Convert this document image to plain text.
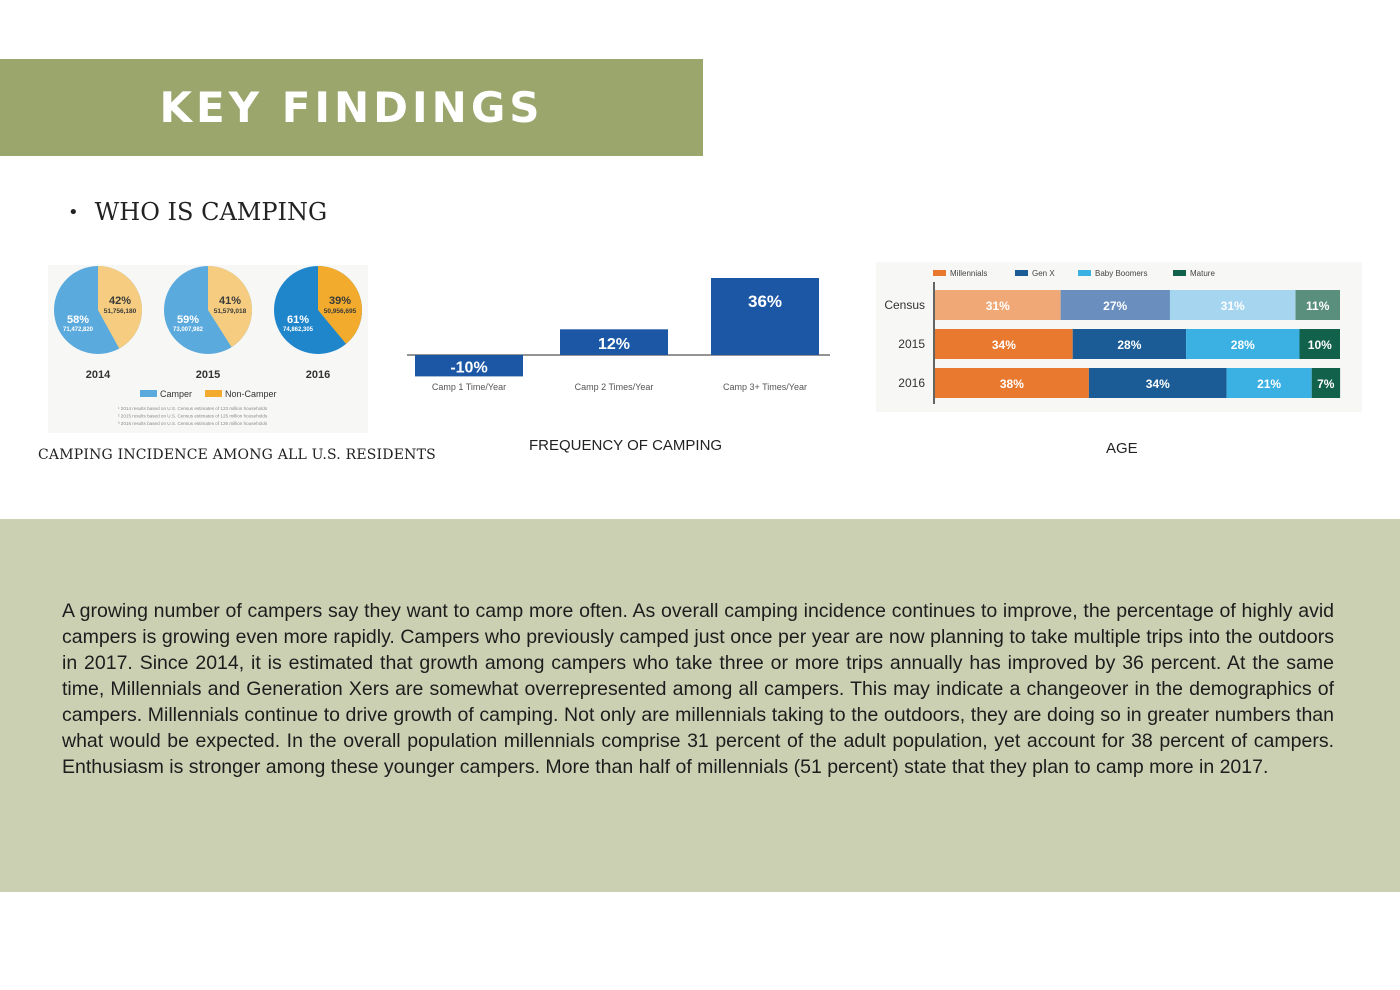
KEY FINDINGS
• WHO IS CAMPING
42%
51,756,180
58%
71,472,820
2014
41%
51,579,018
59%
73,007,982
2015
39%
50,956,695
61%
74,862,305
2016
Camper	Non-Camper
¹ 2014 results based on U.S. Census estimates of 123 million households
² 2015 results based on U.S. Census estimates of 125 million households
³ 2016 results based on U.S. Census estimates of 126 million households
-10%
Camp 1 Time/Year
12%
Camp 2 Times/Year
36%
Camp 3+ Times/Year
Millennials	Gen X	Baby Boomers	Mature
Census	31%	27%	31%	11%
2015	34%	28%	28%	10%
2016	38%	34%	21%	7%
CAMPING INCIDENCE AMONG ALL U.S. RESIDENTS
FREQUENCY OF CAMPING	AGE

A growing number of campers say they want to camp more often. As overall camping incidence continues to improve, the percentage of highly avid campers is growing even more rapidly. Campers who previously camped just once per year are now planning to take multiple trips into the outdoors in 2017. Since 2014, it is estimated that growth among campers who take three or more trips annually has improved by 36 percent. At the same time, Millennials and Generation Xers are somewhat overrepresented among all campers. This may indicate a changeover in the demographics of campers. Millennials continue to drive growth of camping. Not only are millennials taking to the outdoors, they are doing so in greater numbers than what would be expected. In the overall population millennials comprise 31 percent of the adult population, yet account for 38 percent of campers. Enthusiasm is stronger among these younger campers. More than half of millennials (51 percent) state that they plan to camp more in 2017.
